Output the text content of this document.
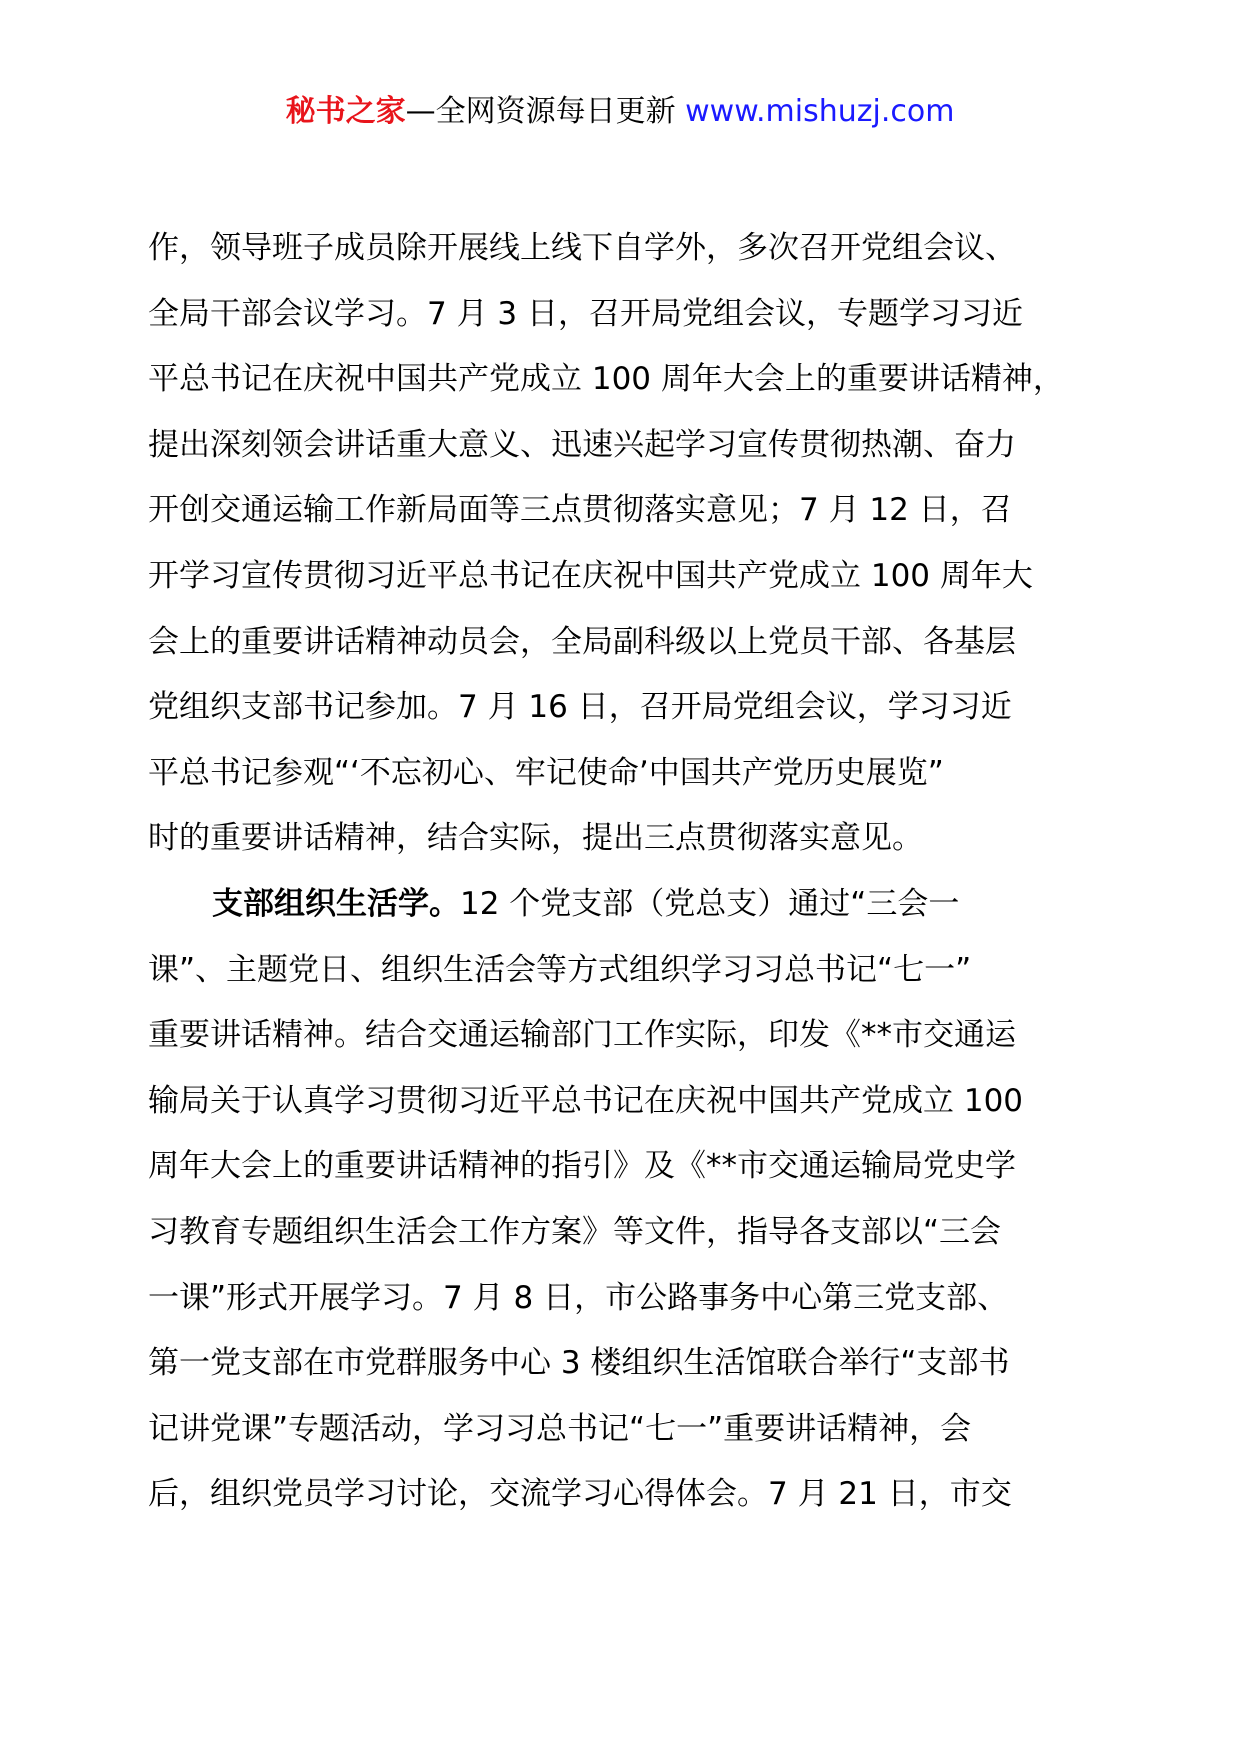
秘书之家—全网资源每日更新 www.mishuzj.com
作，领导班子成员除开展线上线下自学外，多次召开党组会议、
全局干部会议学习。7 月 3 日，召开局党组会议，专题学习习近
平总书记在庆祝中国共产党成立 100 周年大会上的重要讲话精神，
提出深刻领会讲话重大意义、迅速兴起学习宣传贯彻热潮、奋力
开创交通运输工作新局面等三点贯彻落实意见；7 月 12 日，召
开学习宣传贯彻习近平总书记在庆祝中国共产党成立 100 周年大
会上的重要讲话精神动员会，全局副科级以上党员干部、各基层
党组织支部书记参加。7 月 16 日，召开局党组会议，学习习近
平总书记参观“‘不忘初心、牢记使命’中国共产党历史展览”
时的重要讲话精神，结合实际，提出三点贯彻落实意见。
支部组织生活学。12 个党支部（党总支）通过“三会一
课”、主题党日、组织生活会等方式组织学习习总书记“七一”
重要讲话精神。结合交通运输部门工作实际，印发《**市交通运
输局关于认真学习贯彻习近平总书记在庆祝中国共产党成立 100
周年大会上的重要讲话精神的指引》及《**市交通运输局党史学
习教育专题组织生活会工作方案》等文件，指导各支部以“三会
一课”形式开展学习。7 月 8 日，市公路事务中心第三党支部、
第一党支部在市党群服务中心 3 楼组织生活馆联合举行“支部书
记讲党课”专题活动，学习习总书记“七一”重要讲话精神，会
后，组织党员学习讨论，交流学习心得体会。7 月 21 日，市交
